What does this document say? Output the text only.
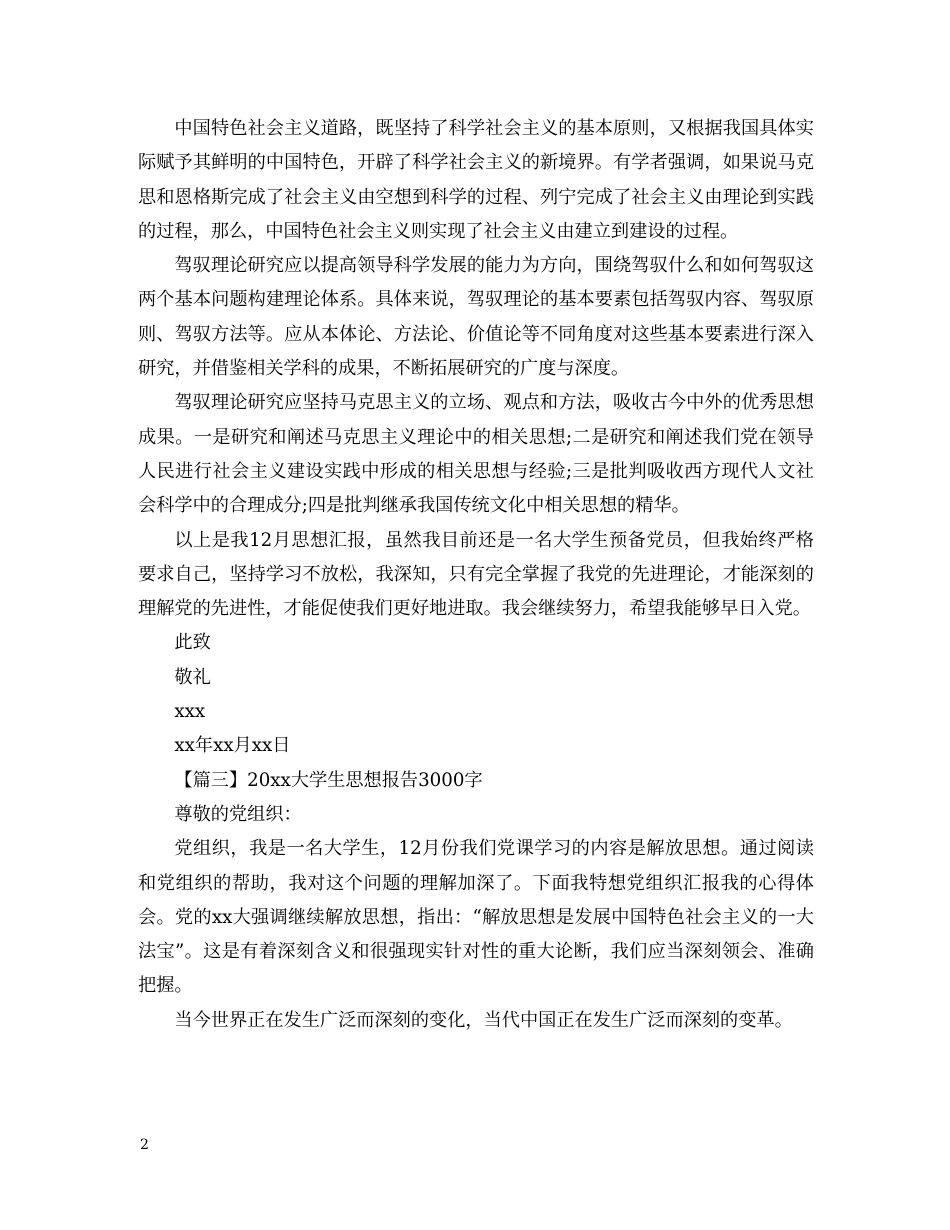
中国特色社会主义道路，既坚持了科学社会主义的基本原则，又根据我国具体实际赋予其鲜明的中国特色，开辟了科学社会主义的新境界。有学者强调，如果说马克思和恩格斯完成了社会主义由空想到科学的过程、列宁完成了社会主义由理论到实践的过程，那么，中国特色社会主义则实现了社会主义由建立到建设的过程。

驾驭理论研究应以提高领导科学发展的能力为方向，围绕驾驭什么和如何驾驭这两个基本问题构建理论体系。具体来说，驾驭理论的基本要素包括驾驭内容、驾驭原则、驾驭方法等。应从本体论、方法论、价值论等不同角度对这些基本要素进行深入研究，并借鉴相关学科的成果，不断拓展研究的广度与深度。

驾驭理论研究应坚持马克思主义的立场、观点和方法，吸收古今中外的优秀思想成果。一是研究和阐述马克思主义理论中的相关思想;二是研究和阐述我们党在领导人民进行社会主义建设实践中形成的相关思想与经验;三是批判吸收西方现代人文社会科学中的合理成分;四是批判继承我国传统文化中相关思想的精华。

以上是我12月思想汇报，虽然我目前还是一名大学生预备党员，但我始终严格要求自己，坚持学习不放松，我深知，只有完全掌握了我党的先进理论，才能深刻的理解党的先进性，才能促使我们更好地进取。我会继续努力，希望我能够早日入党。

此致

敬礼

xxx

xx年xx月xx日

【篇三】20xx大学生思想报告3000字

尊敬的党组织：

党组织，我是一名大学生，12月份我们党课学习的内容是解放思想。通过阅读和党组织的帮助，我对这个问题的理解加深了。下面我特想党组织汇报我的心得体会。党的xx大强调继续解放思想，指出：“解放思想是发展中国特色社会主义的一大法宝”。这是有着深刻含义和很强现实针对性的重大论断，我们应当深刻领会、准确把握。

当今世界正在发生广泛而深刻的变化，当代中国正在发生广泛而深刻的变革。

2
